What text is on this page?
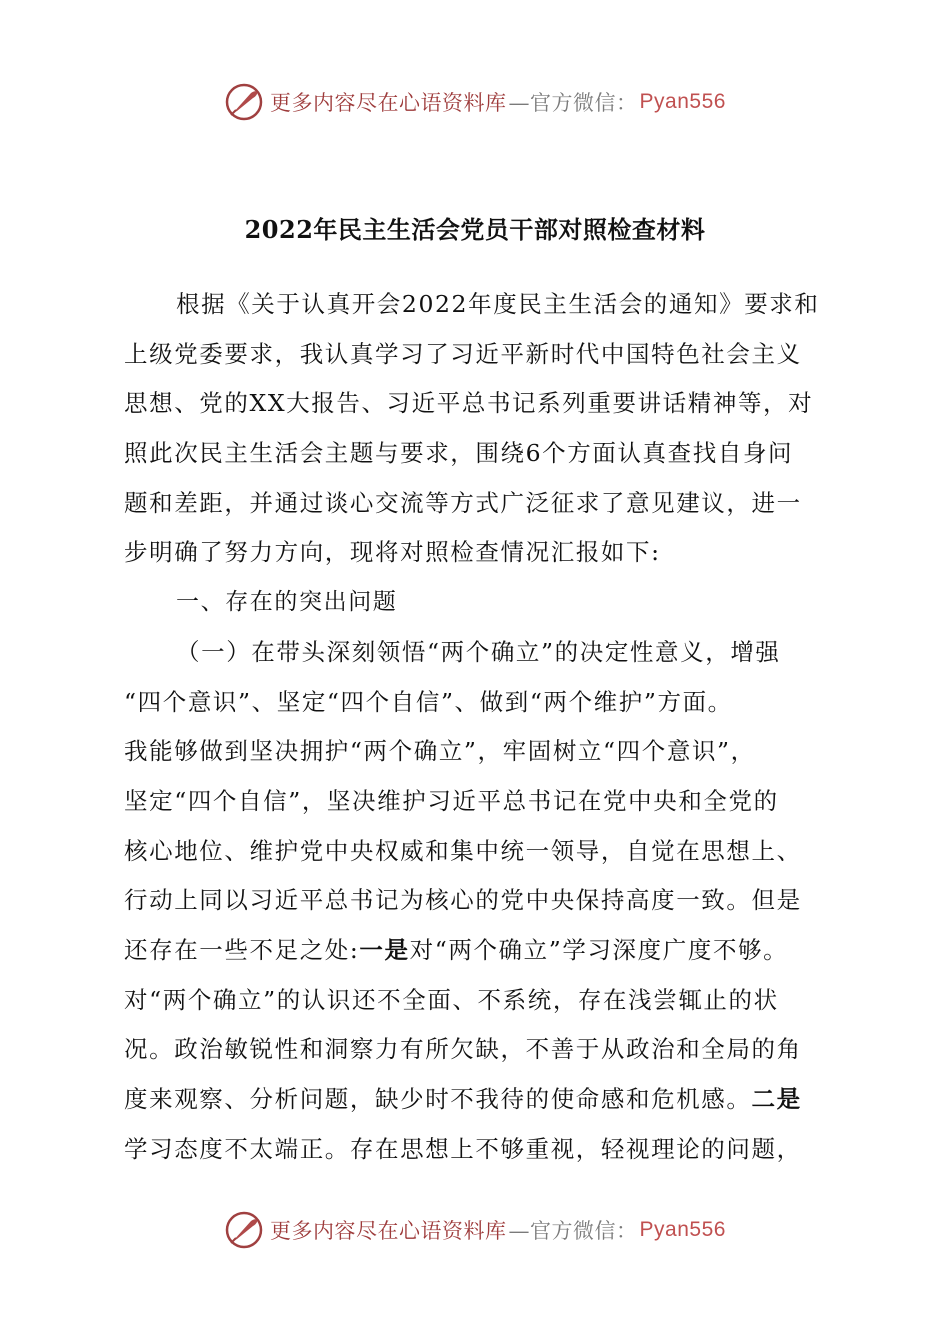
更多内容尽在心语资料库 —官方微信： Pyan556
2022年民主生活会党员干部对照检查材料
根据《关于认真开会2022年度民主生活会的通知》要求和
上级党委要求，我认真学习了习近平新时代中国特色社会主义
思想、党的XX大报告、习近平总书记系列重要讲话精神等，对
照此次民主生活会主题与要求，围绕6个方面认真查找自身问
题和差距，并通过谈心交流等方式广泛征求了意见建议，进一
步明确了努力方向，现将对照检查情况汇报如下:
一、存在的突出问题
（一）在带头深刻领悟“两个确立”的决定性意义，增强
“四个意识”、坚定“四个自信”、做到“两个维护”方面。
我能够做到坚决拥护“两个确立”，牢固树立“四个意识”，
坚定“四个自信”，坚决维护习近平总书记在党中央和全党的
核心地位、维护党中央权威和集中统一领导，自觉在思想上、
行动上同以习近平总书记为核心的党中央保持高度一致。但是
还存在一些不足之处:一是对“两个确立”学习深度广度不够。
对“两个确立”的认识还不全面、不系统，存在浅尝辄止的状
况。政治敏锐性和洞察力有所欠缺，不善于从政治和全局的角
度来观察、分析问题，缺少时不我待的使命感和危机感。二是
学习态度不太端正。存在思想上不够重视，轻视理论的问题，
更多内容尽在心语资料库 —官方微信： Pyan556
